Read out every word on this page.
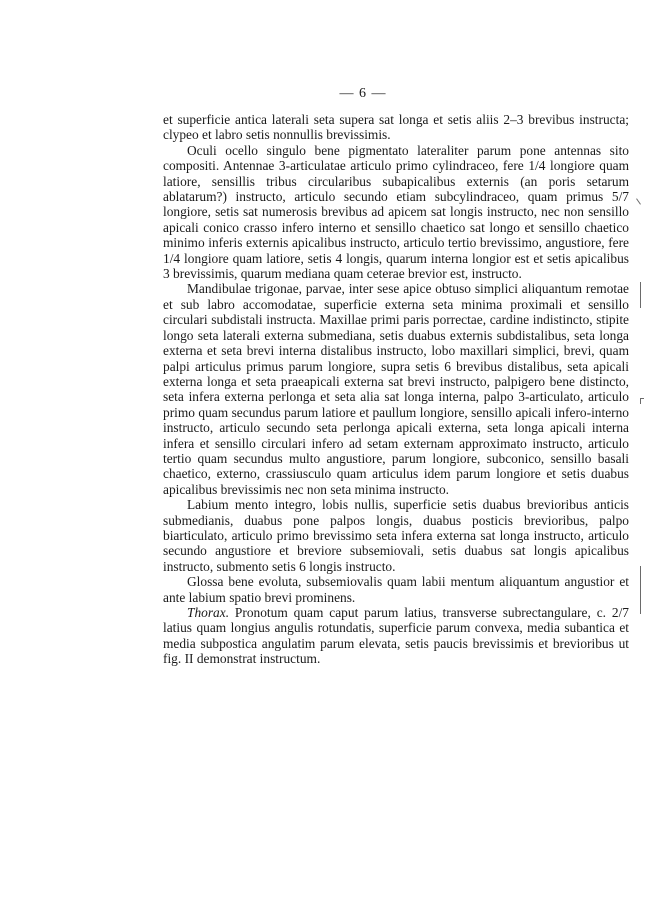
— 6 —

et superficie antica laterali seta supera sat longa et setis aliis 2–3 brevibus instructa; clypeo et labro setis nonnullis brevissimis.

Oculi ocello singulo bene pigmentato lateraliter parum pone antennas sito compositi. Antennae 3-articulatae articulo primo cylindraceo, fere 1/4 longiore quam latiore, sensillis tribus circularibus subapicalibus externis (an poris setarum ablatarum?) instructo, articulo secundo etiam subcylindraceo, quam primus 5/7 longiore, setis sat numerosis brevibus ad apicem sat longis instructo, nec non sensillo apicali conico crasso infero interno et sensillo chaetico sat longo et sensillo chaetico minimo inferis externis apicalibus instructo, articulo tertio brevissimo, angustiore, fere 1/4 longiore quam latiore, setis 4 longis, quarum interna longior est et setis apicalibus 3 brevissimis, quarum mediana quam ceterae brevior est, instructo.

Mandibulae trigonae, parvae, inter sese apice obtuso simplici aliquantum remotae et sub labro accomodatae, superficie externa seta minima proximali et sensillo circulari subdistali instructa. Maxillae primi paris porrectae, cardine indistincto, stipite longo seta laterali externa submediana, setis duabus externis subdistalibus, seta longa externa et seta brevi interna distalibus instructo, lobo maxillari simplici, brevi, quam palpi articulus primus parum longiore, supra setis 6 brevibus distalibus, seta apicali externa longa et seta praeapicali externa sat brevi instructo, palpigero bene distincto, seta infera externa perlonga et seta alia sat longa interna, palpo 3-articulato, articulo primo quam secundus parum latiore et paullum longiore, sensillo apicali infero-interno instructo, articulo secundo seta perlonga apicali externa, seta longa apicali interna infera et sensillo circulari infero ad setam externam approximato instructo, articulo tertio quam secundus multo angustiore, parum longiore, subconico, sensillo basali chaetico, externo, crassiusculo quam articulus idem parum longiore et setis duabus apicalibus brevissimis nec non seta minima instructo.

Labium mento integro, lobis nullis, superficie setis duabus brevioribus anticis submedianis, duabus pone palpos longis, duabus posticis brevioribus, palpo biarticulato, articulo primo brevissimo seta infera externa sat longa instructo, articulo secundo angustiore et breviore subsemiovali, setis duabus sat longis apicalibus instructo, submento setis 6 longis instructo.

Glossa bene evoluta, subsemiovalis quam labii mentum aliquantum angustior et ante labium spatio brevi prominens.

Thorax. Pronotum quam caput parum latius, transverse subrectangulare, c. 2/7 latius quam longius angulis rotundatis, superficie parum convexa, media subantica et media subpostica angulatim parum elevata, setis paucis brevissimis et brevioribus ut fig. II demonstrat instructum.
